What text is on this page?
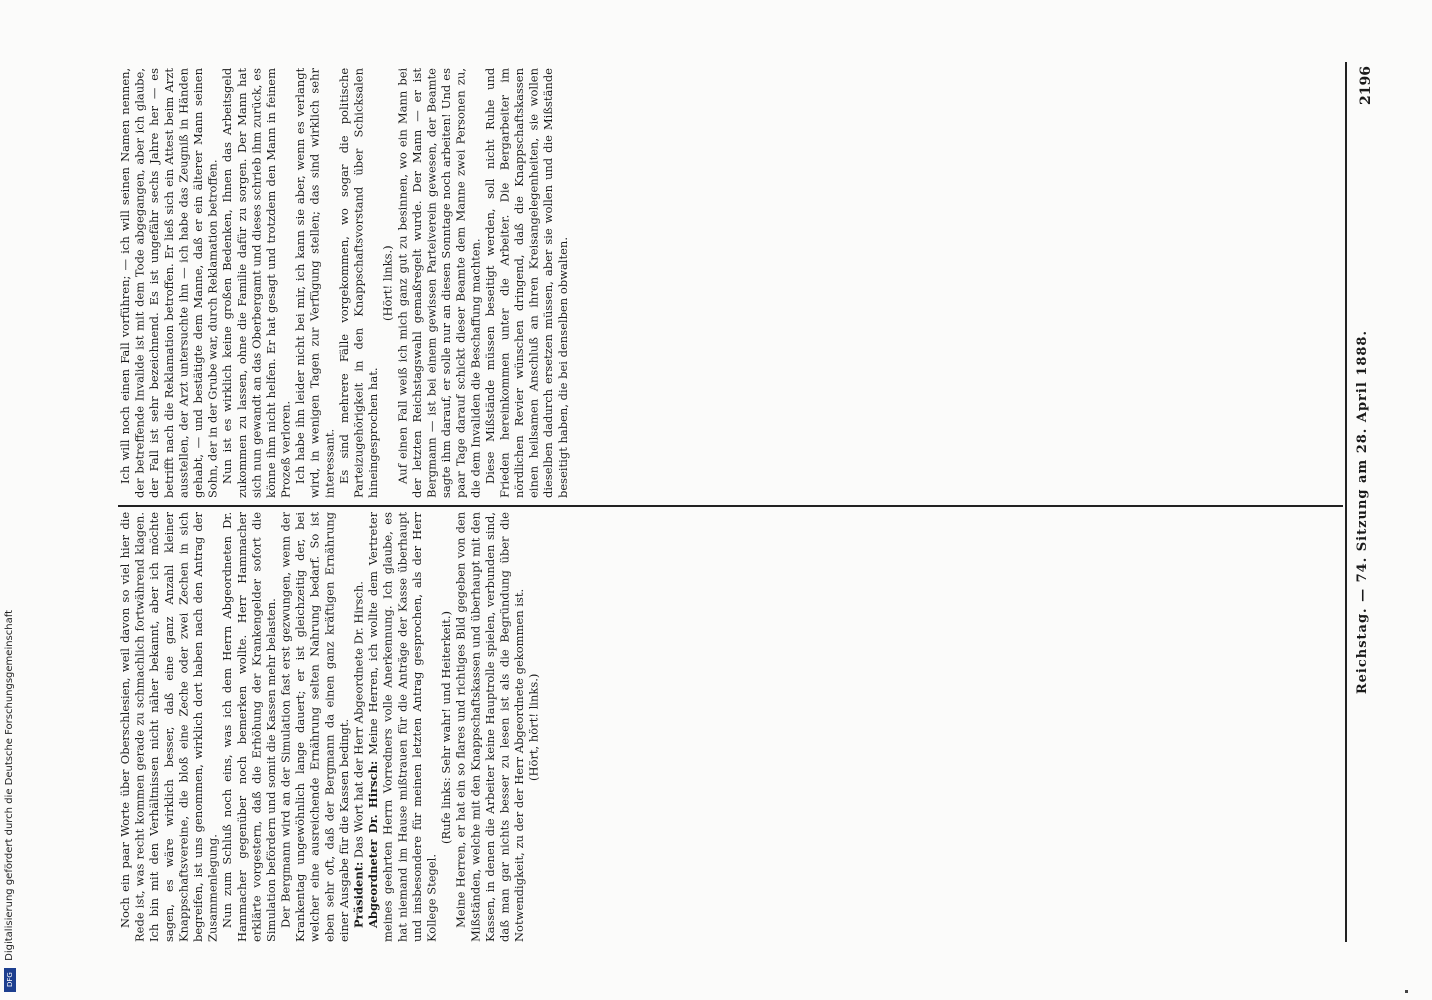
2196
Reichstag. — 74. Sitzung am 28. April 1888.

Ich will noch einen Fall vorführen; — ich will seinen Namen nennen, der betreffende Invalide ist mit dem Tode abgegangen, aber ich glaube, der Fall ist sehr bezeichnend. Es ist ungefähr sechs Jahre her — es betrifft nach die Reklamation betroffen. Er ließ sich ein Attest beim Arzt ausstellen, der Arzt untersuchte ihn — ich habe das Zeugniß in Händen gehabt, — und bestätigte dem Manne, daß er ein älterer Mann seinen Sohn, der in der Grube war, durch Reklamation betroffen. Nun ist es wirklich keine großen Bedenken, Ihnen das Arbeitsgeld zukommen zu lassen, ohne die Familie dafür zu sorgen. Der Mann hat sich nun gewandt an das Oberbergamt und dieses schrieb ihm zurück, es könne ihm nicht helfen. Er hat gesagt und trotzdem den Mann in feinem Prozeß verloren. Ich habe ihn leider nicht bei mir, ich kann sie aber, wenn es verlangt wird, in wenigen Tagen zur Verfügung stellen; das sind wirklich sehr interessant. Es sind mehrere Fälle vorgekommen, wo sogar die politische Parteizugehörigkeit in den Knappschaftsvorstand über Schicksalen hineingesprochen hat.

(Hört! links.) Auf einen Fall weiß ich mich ganz gut zu besinnen, wo ein Mann bei der letzten Reichstagswahl gemaßregelt wurde. Der Mann — er ist Bergmann — ist bei einem gewissen Parteiverein gewesen, der Beamte sagte ihm darauf, er solle nur an diesen Sonntage noch arbeiten! Und es paar Tage darauf schickt dieser Beamte dem Manne zwei Personen zu, die dem Invaliden die Beschaffung machten. Diese Mißstände müssen beseitigt werden, soll nicht Ruhe und Frieden hereinkommen unter die Arbeiter. Die Bergarbeiter im nördlichen Revier wünschen dringend, daß die Knappschaftskassen einen heilsamen Anschluß an ihren Kreisangelegenheiten, sie wollen dieselben dadurch ersetzen müssen, aber sie wollen und die Mißstände beseitigt haben, die bei denselben obwalten.

Noch ein paar Worte über Oberschlesien, weil davon so viel hier die Rede ist, was recht kommen gerade zu schmachlich fortwährend klagen. Ich bin mit den Verhältnissen nicht näher bekannt, aber ich möchte sagen, es wäre wirklich besser, daß eine ganz Anzahl kleiner Knappschaftsvereine, die bloß eine Zeche oder zwei Zechen in sich begreifen, ist uns genommen, wirklich dort haben nach den Antrag der Zusammenlegung. Nun zum Schluß noch eins, was ich dem Herrn Abgeordneten Dr. Hammacher gegenüber noch bemerken wollte. Herr Hammacher erklärte vorgestern, daß die Erhöhung der Krankengelder sofort die Simulation befördern und somit die Kassen mehr belasten. Der Bergmann wird an der Simulation fast erst gezwungen, wenn der Krankentag ungewöhnlich lange dauert; er ist gleichzeitig der, bei welcher eine ausreichende Ernährung selten Nahrung bedarf. So ist eben sehr oft, daß der Bergmann da einen ganz kräftigen Ernährung einer Ausgabe für die Kassen bedingt. Präsident: Das Wort hat der Herr Abgeordnete Dr. Hirsch. Abgeordneter Dr. Hirsch: Meine Herren, ich wollte dem Vertreter meines geehrten Herrn Vorredners volle Anerkennung. Ich glaube, es hat niemand im Hause mißtrauen für die Anträge der Kasse überhaupt und insbesondere für meinen letzten Antrag gesprochen, als der Herr Kollege Stegel.

(Rufe links: Sehr wahr! und Heiterkeit.) Meine Herren, er hat ein so flares und richtiges Bild gegeben von den Mißständen, welche mit den Knappschaftskassen und überhaupt mit den Kassen, in denen die Arbeiter keine Hauptrolle spielen, verbunden sind, daß man gar nichts besser zu lesen ist als die Begründung über die Notwendigkeit, zu der der Herr Abgeordnete gekommen ist. (Hört, hört! links.)

Digitalisierung gefördert durch die Deutsche Forschungsgemeinschaft
DFG
